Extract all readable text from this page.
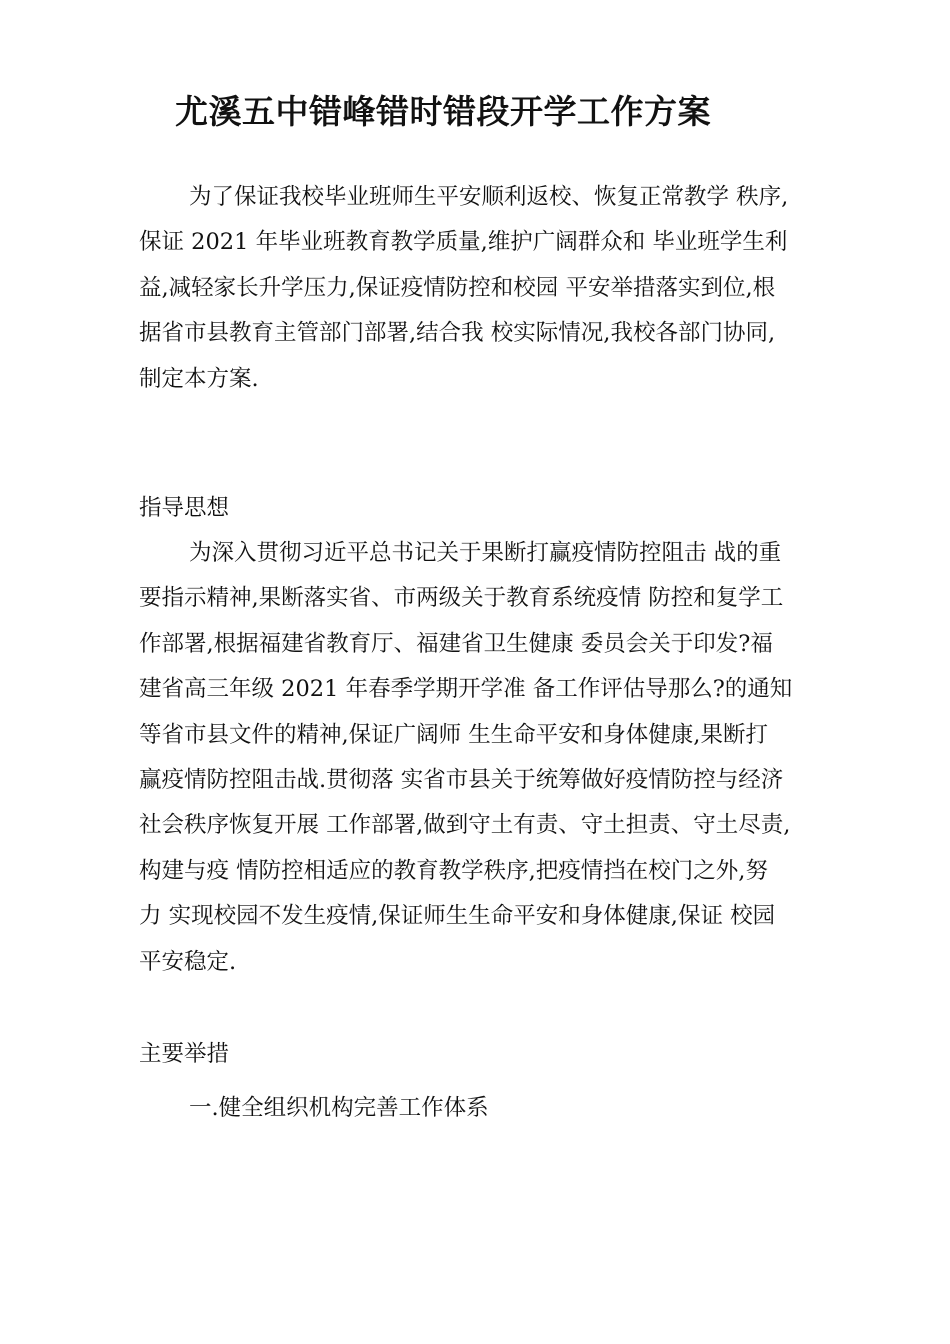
尤溪五中错峰错时错段开学工作方案
为了保证我校毕业班师生平安顺利返校、恢复正常教学 秩序,
保证 2021 年毕业班教育教学质量,维护广阔群众和 毕业班学生利
益,减轻家长升学压力,保证疫情防控和校园 平安举措落实到位,根
据省市县教育主管部门部署,结合我 校实际情况,我校各部门协同,
制定本方案.
指导思想
为深入贯彻习近平总书记关于果断打赢疫情防控阻击 战的重
要指示精神,果断落实省、市两级关于教育系统疫情 防控和复学工
作部署,根据福建省教育厅、福建省卫生健康 委员会关于印发?福
建省高三年级 2021 年春季学期开学准 备工作评估导那么?的通知
等省市县文件的精神,保证广阔师 生生命平安和身体健康,果断打
赢疫情防控阻击战.贯彻落 实省市县关于统筹做好疫情防控与经济
社会秩序恢复开展 工作部署,做到守土有责、守土担责、守土尽责,
构建与疫 情防控相适应的教育教学秩序,把疫情挡在校门之外,努
力 实现校园不发生疫情,保证师生生命平安和身体健康,保证 校园
平安稳定.
主要举措
一.健全组织机构完善工作体系
